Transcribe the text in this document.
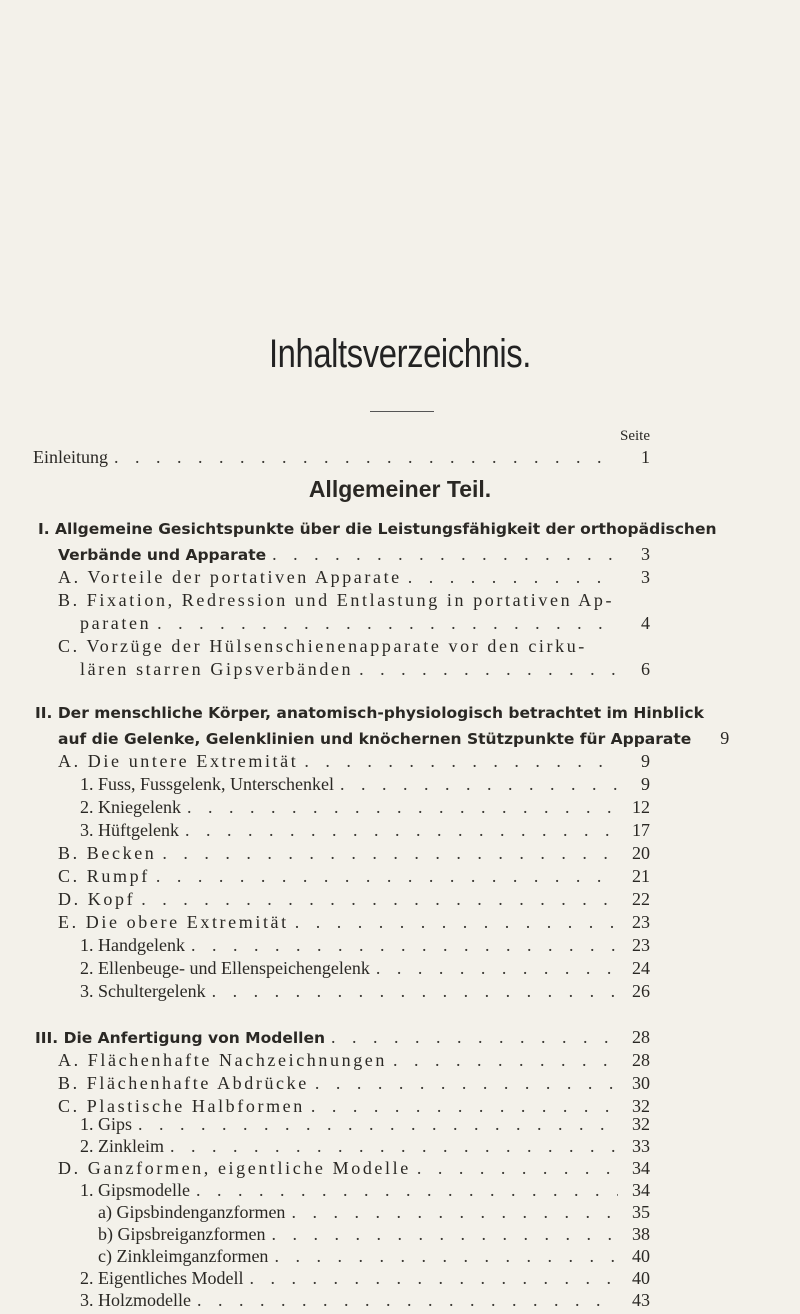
Inhaltsverzeichnis.
Seite
Einleitung . . .	1
Allgemeiner Teil.
I. Allgemeine Gesichtspunkte über die Leistungsfähigkeit der orthopädischen
Verbände und Apparate . . .	3
A. Vorteile der portativen Apparate . . .	3
B. Fixation, Redression und Entlastung in portativen Ap-
paraten . . .	4
C. Vorzüge der Hülsenschienenapparate vor den cirku-
lären starren Gipsverbänden . . .	6
II. Der menschliche Körper, anatomisch-physiologisch betrachtet im Hinblick
auf die Gelenke, Gelenklinien und knöchernen Stützpunkte für Apparate	9
A. Die untere Extremität . . .	9
1. Fuss, Fussgelenk, Unterschenkel . . .	9
2. Kniegelenk . . .	12
3. Hüftgelenk . . .	17
B. Becken . . .	20
C. Rumpf . . .	21
D. Kopf . . .	22
E. Die obere Extremität . . .	23
1. Handgelenk . . .	23
2. Ellenbeuge- und Ellenspeichengelenk . . .	24
3. Schultergelenk . . .	26
III. Die Anfertigung von Modellen . . .	28
A. Flächenhafte Nachzeichnungen . . .	28
B. Flächenhafte Abdrücke . . .	30
C. Plastische Halbformen . . .	32
1. Gips . . .	32
2. Zinkleim . . .	33
D. Ganzformen, eigentliche Modelle . . .	34
1. Gipsmodelle . . .	34
a) Gipsbindenganzformen . . .	35
b) Gipsbreiganzformen . . .	38
c) Zinkleimganzformen . . .	40
2. Eigentliches Modell . . .	40
3. Holzmodelle . . .	43
